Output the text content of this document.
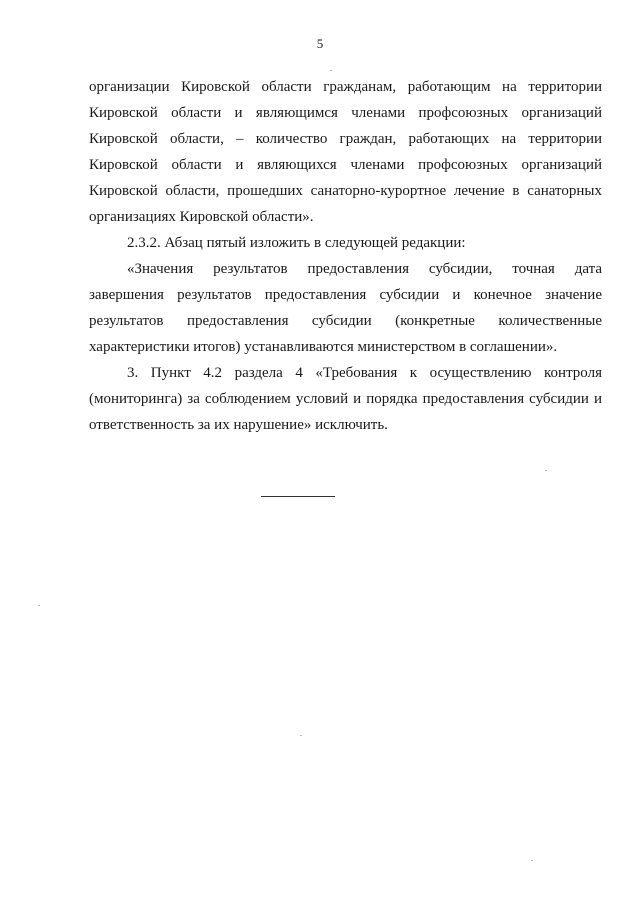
5
организации Кировской области гражданам, работающим на территории
Кировской области и являющимся членами профсоюзных организаций
Кировской области, – количество граждан, работающих на территории
Кировской области и являющихся членами профсоюзных организаций
Кировской области, прошедших санаторно-курортное лечение в санаторных
организациях Кировской области».
2.3.2. Абзац пятый изложить в следующей редакции:
«Значения результатов предоставления субсидии, точная дата
завершения результатов предоставления субсидии и конечное значение
результатов предоставления субсидии (конкретные количественные
характеристики итогов) устанавливаются министерством в соглашении».
3. Пункт 4.2 раздела 4 «Требования к осуществлению контроля
(мониторинга) за соблюдением условий и порядка предоставления субсидии и
ответственность за их нарушение» исключить.
